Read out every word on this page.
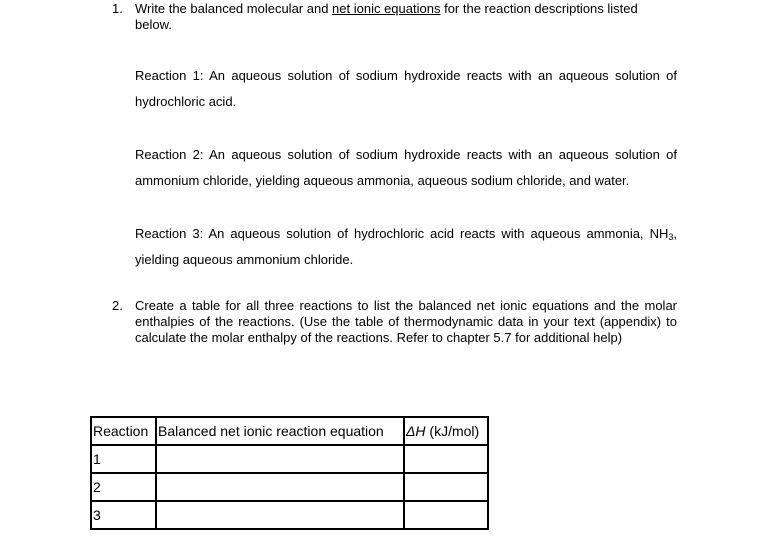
1. Write the balanced molecular and net ionic equations for the reaction descriptions listed below.
Reaction 1: An aqueous solution of sodium hydroxide reacts with an aqueous solution of hydrochloric acid.
Reaction 2: An aqueous solution of sodium hydroxide reacts with an aqueous solution of ammonium chloride, yielding aqueous ammonia, aqueous sodium chloride, and water.
Reaction 3: An aqueous solution of hydrochloric acid reacts with aqueous ammonia, $NH_3$, yielding aqueous ammonium chloride.
2. Create a table for all three reactions to list the balanced net ionic equations and the molar enthalpies of the reactions. (Use the table of thermodynamic data in your text (appendix) to calculate the molar enthalpy of the reactions. Refer to chapter 5.7 for additional help)
Reaction	Balanced net ionic reaction equation	ΔH (kJ/mol)
1		
2		
3		
